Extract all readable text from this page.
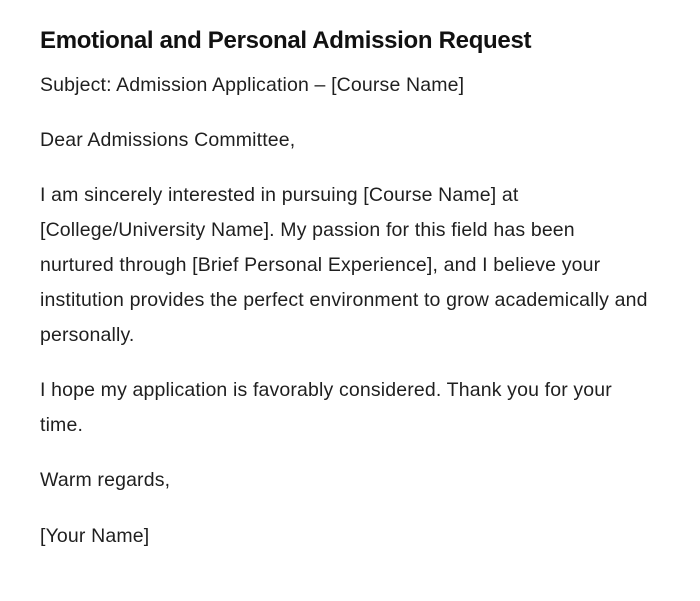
Emotional and Personal Admission Request

Subject: Admission Application – [Course Name]

Dear Admissions Committee,

I am sincerely interested in pursuing [Course Name] at [College/University Name]. My passion for this field has been nurtured through [Brief Personal Experience], and I believe your institution provides the perfect environment to grow academically and personally.

I hope my application is favorably considered. Thank you for your time.

Warm regards,

[Your Name]
